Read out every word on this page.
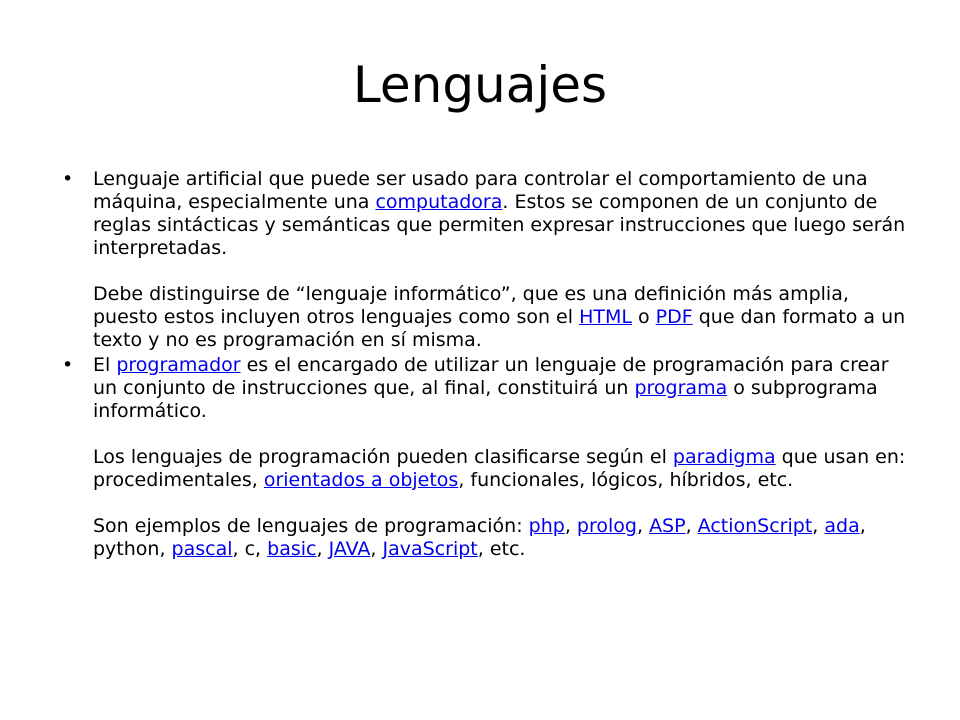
Lenguajes
• Lenguaje artificial que puede ser usado para controlar el comportamiento de una máquina, especialmente una computadora. Estos se componen de un conjunto de reglas sintácticas y semánticas que permiten expresar instrucciones que luego serán interpretadas.

Debe distinguirse de “lenguaje informático”, que es una definición más amplia, puesto estos incluyen otros lenguajes como son el HTML o PDF que dan formato a un texto y no es programación en sí misma.

• El programador es el encargado de utilizar un lenguaje de programación para crear un conjunto de instrucciones que, al final, constituirá un programa o subprograma informático.

Los lenguajes de programación pueden clasificarse según el paradigma que usan en: procedimentales, orientados a objetos, funcionales, lógicos, híbridos, etc.

Son ejemplos de lenguajes de programación: php, prolog, ASP, ActionScript, ada, python, pascal, c, basic, JAVA, JavaScript, etc.
